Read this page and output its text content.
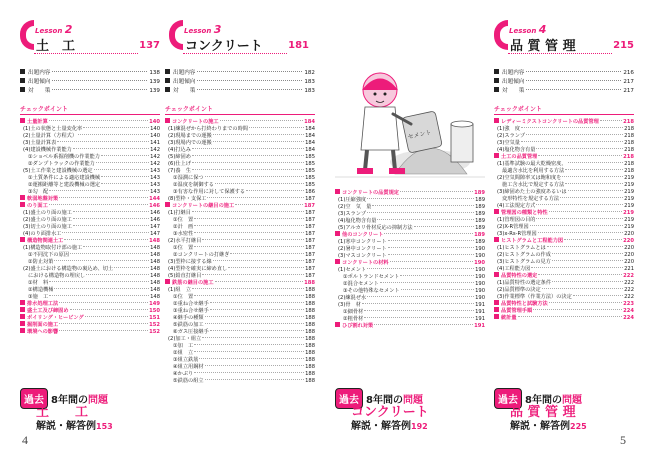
Lesson 2
土　工	137
出題内容	138
出題傾向	139
対　　策	139
チェックポイント
土量計算	140
(1)土の状態と土量変化率	140
(2)土量計算（方程式）	140
(3)土量計算表	141
(4)建設機械作業能力	142
①ショベル系掘削機の作業能力	142
②ダンプトラックの作業能力	142
(5)土工作業と建設機械の選定	143
①土質条件による適応建設機械	143
②運搬距離等と建設機械の選定	143
③勾　配	143
軟弱地盤対策	144
のり面工	146
(1)盛土のり面の施工	146
(2)盛土のり面の施工	146
(3)切土のり面の施工	147
(4)のり面排水工	147
構造物関連土工	148
(1)構造物取付け部の施工	148
①不同沈下の原因	148
②防止対策	148
(2)盛土における構造物の裏込め、切土	148
における構造物の埋戻し	148
①材　料	148
②構造機械	148
③施　工	148
排水処理工法	149
盛土工及び締固め	150
ボイリング・ヒービング	151
掘削面の施工	152
環境への影響	152
過去 8年間の問題
土　　工
解説・解答例153
Lesson 3
コンクリート	181
出題内容	182
出題傾向	183
対　　策	183
チェックポイント
コンクリートの施工	184
(1)練混ぜから打終わりまでの時間	184
(2)現場までの運搬	184
(3)現場内での運搬	184
(4)打込み	184
(5)締固め	185
(6)仕上げ	185
(7)養　生	185
①湿潤に保つ	185
②温度を制御する	185
③有害な作用に対して保護する	186
(8)型枠・支保工	187
コンクリートの継目の施工	187
(1)打継目	187
①位　置	187
②計　画	187
③水密性	187
(2)水平打継目	187
①位　置	187
②コンクリートの打継ぎ	187
(3)型枠に接する線	187
(4)型枠を確実に締め直し	187
(5)鉛直打継目	187
鉄筋の継目の施工	188
(1)組　立	188
①位　置	188
②重ね合せ継手	188
③重ね合せ継手	188
④継手の種類	188
⑤鉄筋の加工	188
⑥ガス圧接継手	188
(2)加工・組立	188
①加　工	188
②組　立	188
③組立鉄筋	188
④組立用鋼材	188
④かぶり	188
⑤鉄筋の組立	188
セメント
コンクリートの品質規定	189
(1)圧縮強度	189
(2)空　気　量	189
(3)スランプ	189
(4)塩化物含有量	189
(5)アルカリ骨材反応の抑制方法	189
他のコンクリート	189
(1)寒中コンクリート	189
(2)暑中コンクリート	190
(3)マスコンクリート	190
コンクリートの材料	190
(1)セメント	190
①ポルトランドセメント	190
②混合セメント	190
③その他特殊なセメント	190
(2)練混ぜ水	190
(3)骨　材	191
①細骨材	191
②粗骨材	191
ひび割れ対策	191
過去 8年間の問題
コンクリート
解説・解答例192
Lesson 4
品 質 管 理	215
出題内容	216
出題傾向	217
対　　策	217
チェックポイント
レディーミクストコンクリートの品質管理	218
(1)強　度	218
(2)スランプ	218
(3)空気量	218
(4)塩化物含有量	218
土工の品質管理	218
(1)基準試験の最大乾燥密度、	218
最適含水比を利用する方法	218
(2)空気間隙率又は飽和度を	219
施工含水比で規定する方法	219
(3)締固めた土の強度あるいは	219
変形特性を規定する方法	219
(4)工法規定方式	219
管理図の種類と特性	219
(1)管理図の目的	219
(2)X-R管理図	219
(3)x-Rs-R管理図	220
ヒストグラムと工程能力図	220
(1)ヒストグラムとは	220
(2)ヒストグラムの作成	220
(3)ヒストグラムの見方	220
(4)工程能力図	221
品質特性の選定	222
(1)品質特性の選定条件	222
(2)品質標準の決定	222
(3)作業標準（作業方法）の決定	222
品質特性と試験方法	223
品質管理手順	224
統計量	224
過去 8年間の問題
品 質 管 理
解説・解答例225
4	5
